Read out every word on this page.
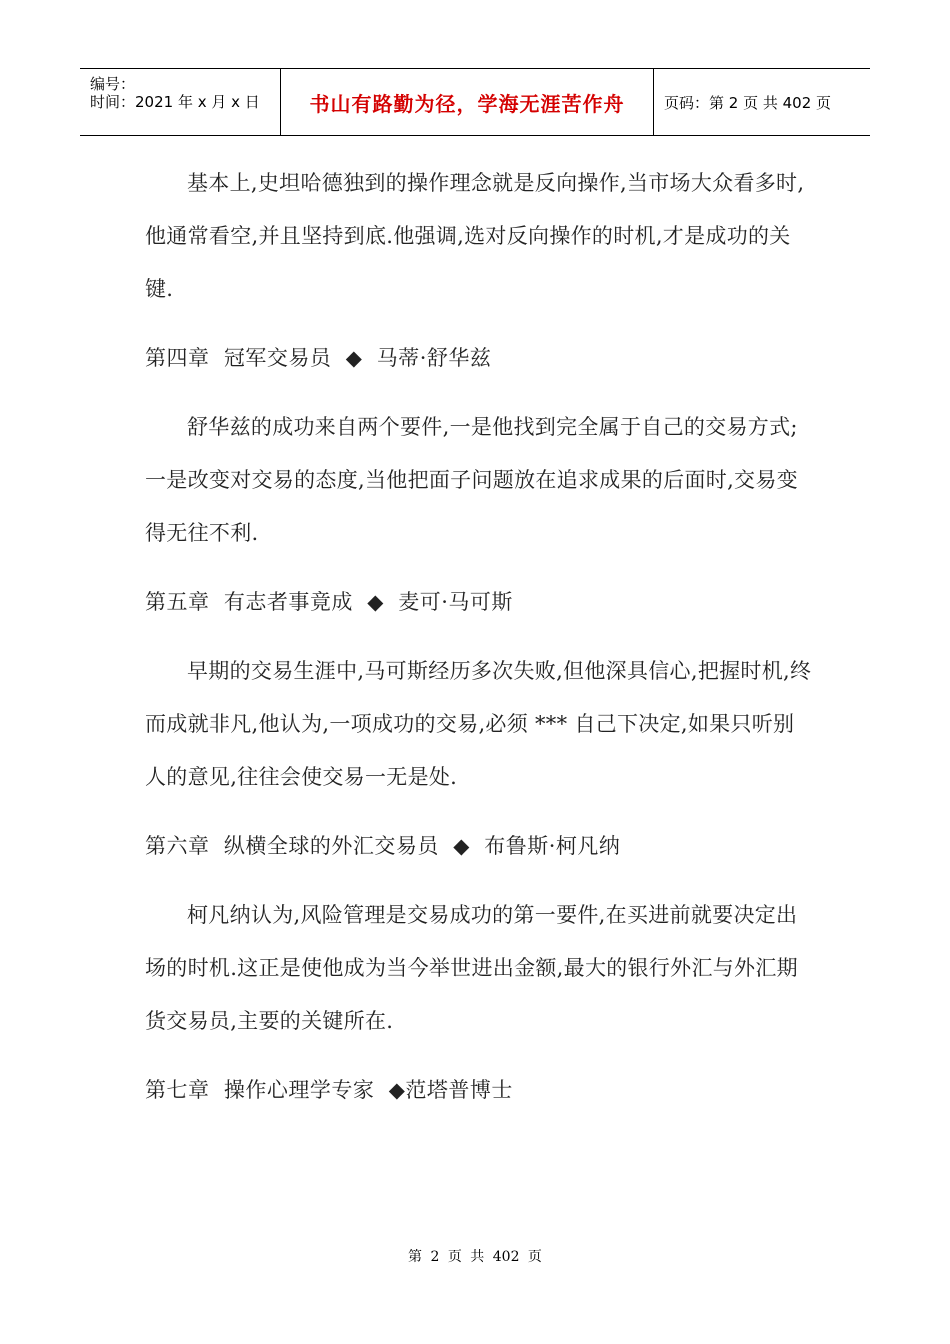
编号：
时间：2021 年 x 月 x 日 书山有路勤为径，学海无涯苦作舟	页码：第 2 页 共 402 页

基本上,史坦哈德独到的操作理念就是反向操作,当市场大众看多时,他通常看空,并且坚持到底.他强调,选对反向操作的时机,才是成功的关键.

第四章  冠军交易员  ◆  马蒂·舒华兹

舒华兹的成功来自两个要件,一是他找到完全属于自己的交易方式;一是改变对交易的态度,当他把面子问题放在追求成果的后面时,交易变得无往不利.

第五章  有志者事竟成  ◆  麦可·马可斯

早期的交易生涯中,马可斯经历多次失败,但他深具信心,把握时机,终而成就非凡,他认为,一项成功的交易,必须 *** 自己下决定,如果只听别人的意见,往往会使交易一无是处.

第六章  纵横全球的外汇交易员  ◆  布鲁斯·柯凡纳

柯凡纳认为,风险管理是交易成功的第一要件,在买进前就要决定出场的时机.这正是使他成为当今举世进出金额,最大的银行外汇与外汇期货交易员,主要的关键所在.

第七章  操作心理学专家  ◆范塔普博士
第 2 页 共 402 页
